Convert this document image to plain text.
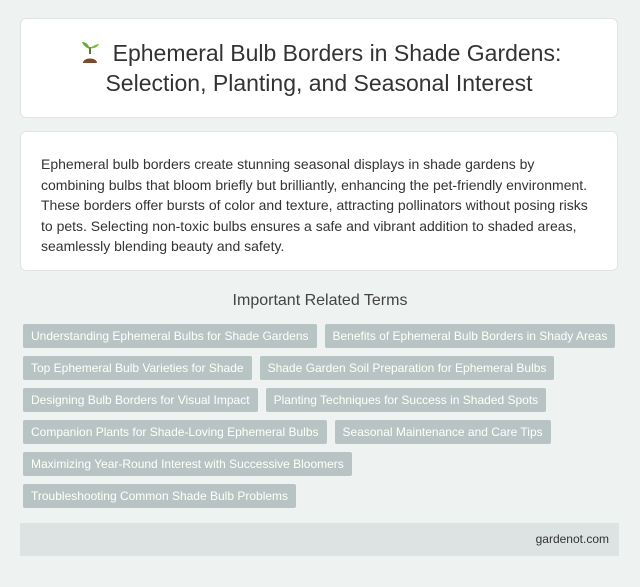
Ephemeral Bulb Borders in Shade Gardens: Selection, Planting, and Seasonal Interest

Ephemeral bulb borders create stunning seasonal displays in shade gardens by combining bulbs that bloom briefly but brilliantly, enhancing the pet-friendly environment. These borders offer bursts of color and texture, attracting pollinators without posing risks to pets. Selecting non-toxic bulbs ensures a safe and vibrant addition to shaded areas, seamlessly blending beauty and safety.

Important Related Terms
Understanding Ephemeral Bulbs for Shade Gardens	Benefits of Ephemeral Bulb Borders in Shady Areas
Top Ephemeral Bulb Varieties for Shade	Shade Garden Soil Preparation for Ephemeral Bulbs
Designing Bulb Borders for Visual Impact	Planting Techniques for Success in Shaded Spots
Companion Plants for Shade-Loving Ephemeral Bulbs	Seasonal Maintenance and Care Tips
Maximizing Year-Round Interest with Successive Bloomers
Troubleshooting Common Shade Bulb Problems
gardenot.com
